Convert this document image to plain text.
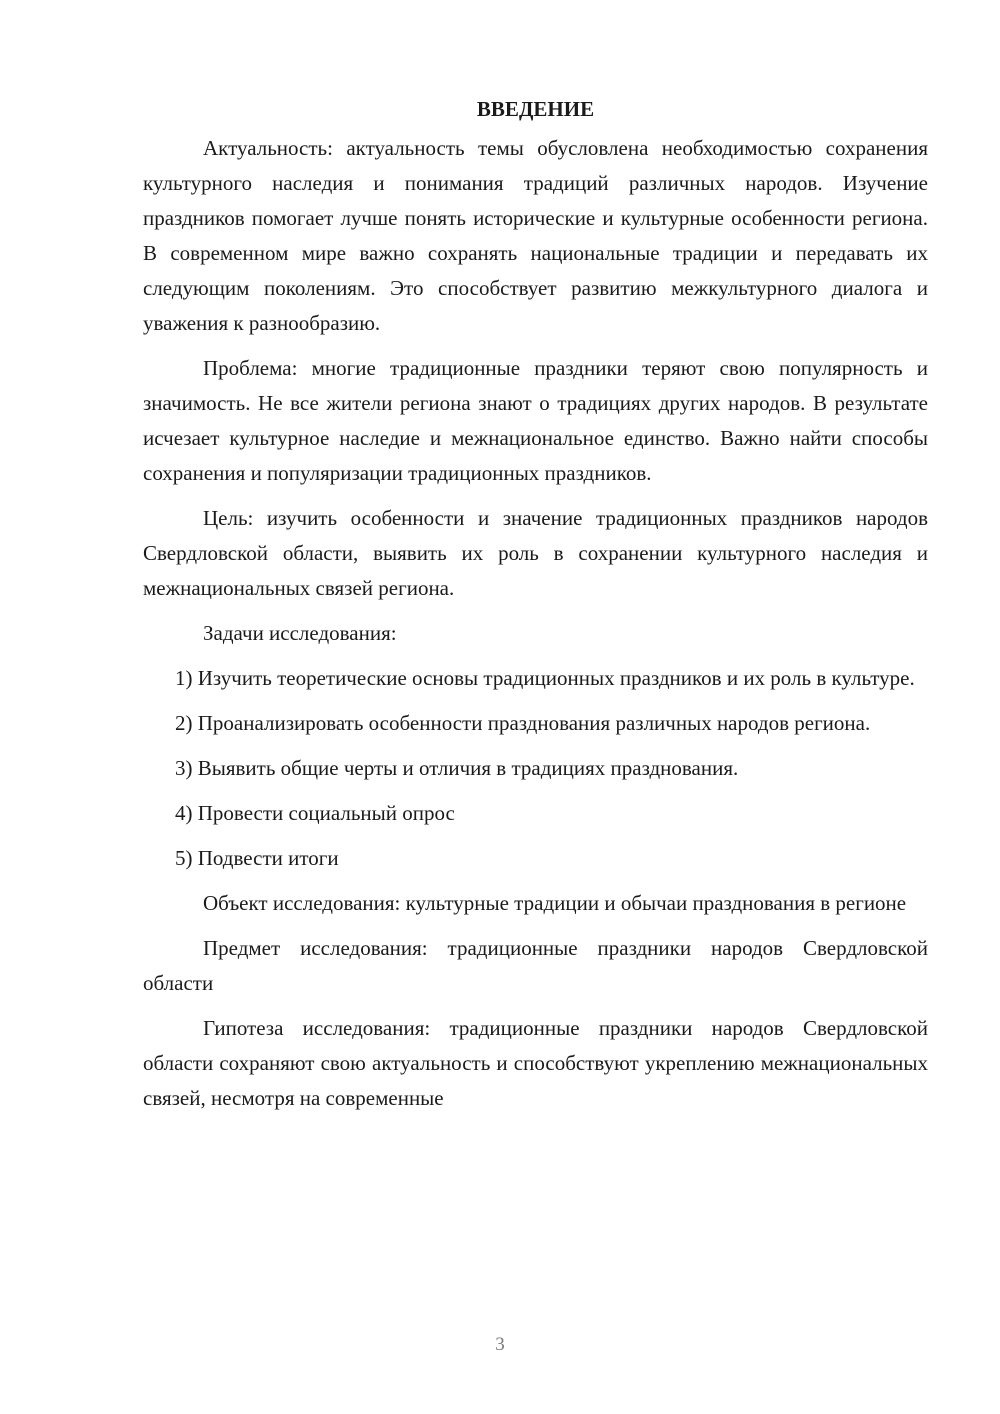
ВВЕДЕНИЕ

Актуальность: актуальность темы обусловлена необходимостью сохранения культурного наследия и понимания традиций различных народов. Изучение праздников помогает лучше понять исторические и культурные особенности региона. В современном мире важно сохранять национальные традиции и передавать их следующим поколениям. Это способствует развитию межкультурного диалога и уважения к разнообразию.

Проблема: многие традиционные праздники теряют свою популярность и значимость. Не все жители региона знают о традициях других народов. В результате исчезает культурное наследие и межнациональное единство. Важно найти способы сохранения и популяризации традиционных праздников.

Цель: изучить особенности и значение традиционных праздников народов Свердловской области, выявить их роль в сохранении культурного наследия и межнациональных связей региона.

Задачи исследования:

1) Изучить теоретические основы традиционных праздников и их роль в культуре.

2) Проанализировать особенности празднования различных народов региона.

3) Выявить общие черты и отличия в традициях празднования.

4) Провести социальный опрос

5) Подвести итоги

Объект исследования: культурные традиции и обычаи празднования в регионе

Предмет исследования: традиционные праздники народов Свердловской области

Гипотеза исследования: традиционные праздники народов Свердловской области сохраняют свою актуальность и способствуют укреплению межнациональных связей, несмотря на современные

3
